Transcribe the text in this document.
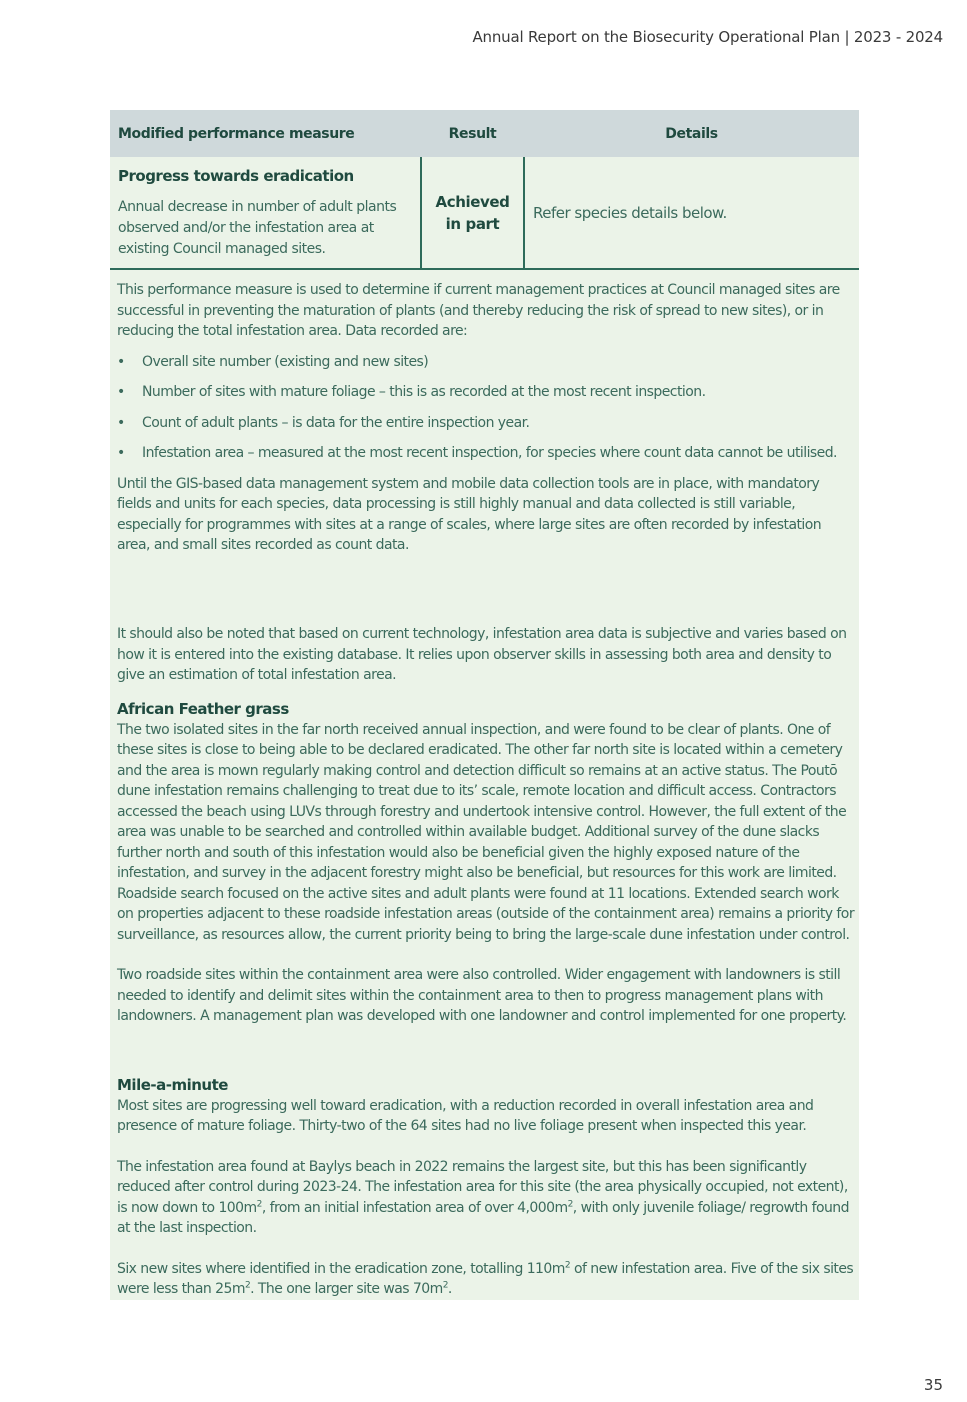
Annual Report on the Biosecurity Operational Plan | 2023 - 2024
Modified performance measure	Result	Details

Progress towards eradication
Annual decrease in number of adult plants observed and/or the infestation area at existing Council managed sites.	Achieved in part	Refer species details below.

This performance measure is used to determine if current management practices at Council managed sites are successful in preventing the maturation of plants (and thereby reducing the risk of spread to new sites), or in reducing the total infestation area. Data recorded are:

• Overall site number (existing and new sites)
• Number of sites with mature foliage – this is as recorded at the most recent inspection.
• Count of adult plants – is data for the entire inspection year.
• Infestation area – measured at the most recent inspection, for species where count data cannot be utilised.

Until the GIS-based data management system and mobile data collection tools are in place, with mandatory fields and units for each species, data processing is still highly manual and data collected is still variable, especially for programmes with sites at a range of scales, where large sites are often recorded by infestation area, and small sites recorded as count data.

It should also be noted that based on current technology, infestation area data is subjective and varies based on how it is entered into the existing database. It relies upon observer skills in assessing both area and density to give an estimation of total infestation area.

African Feather grass

The two isolated sites in the far north received annual inspection, and were found to be clear of plants. One of these sites is close to being able to be declared eradicated. The other far north site is located within a cemetery and the area is mown regularly making control and detection difficult so remains at an active status. The Poutō dune infestation remains challenging to treat due to its’ scale, remote location and difficult access. Contractors accessed the beach using LUVs through forestry and undertook intensive control. However, the full extent of the area was unable to be searched and controlled within available budget. Additional survey of the dune slacks further north and south of this infestation would also be beneficial given the highly exposed nature of the infestation, and survey in the adjacent forestry might also be beneficial, but resources for this work are limited. Roadside search focused on the active sites and adult plants were found at 11 locations. Extended search work on properties adjacent to these roadside infestation areas (outside of the containment area) remains a priority for surveillance, as resources allow, the current priority being to bring the large-scale dune infestation under control.

Two roadside sites within the containment area were also controlled. Wider engagement with landowners is still needed to identify and delimit sites within the containment area to then to progress management plans with landowners. A management plan was developed with one landowner and control implemented for one property.

Mile-a-minute

Most sites are progressing well toward eradication, with a reduction recorded in overall infestation area and presence of mature foliage. Thirty-two of the 64 sites had no live foliage present when inspected this year.

The infestation area found at Baylys beach in 2022 remains the largest site, but this has been significantly reduced after control during 2023-24. The infestation area for this site (the area physically occupied, not extent), is now down to $100m^2$, from an initial infestation area of over $4,000m^2$, with only juvenile foliage/ regrowth found at the last inspection.

Six new sites where identified in the eradication zone, totalling $110m^2$ of new infestation area. Five of the six sites were less than $25m^2$. The one larger site was $70m^2$.

35
